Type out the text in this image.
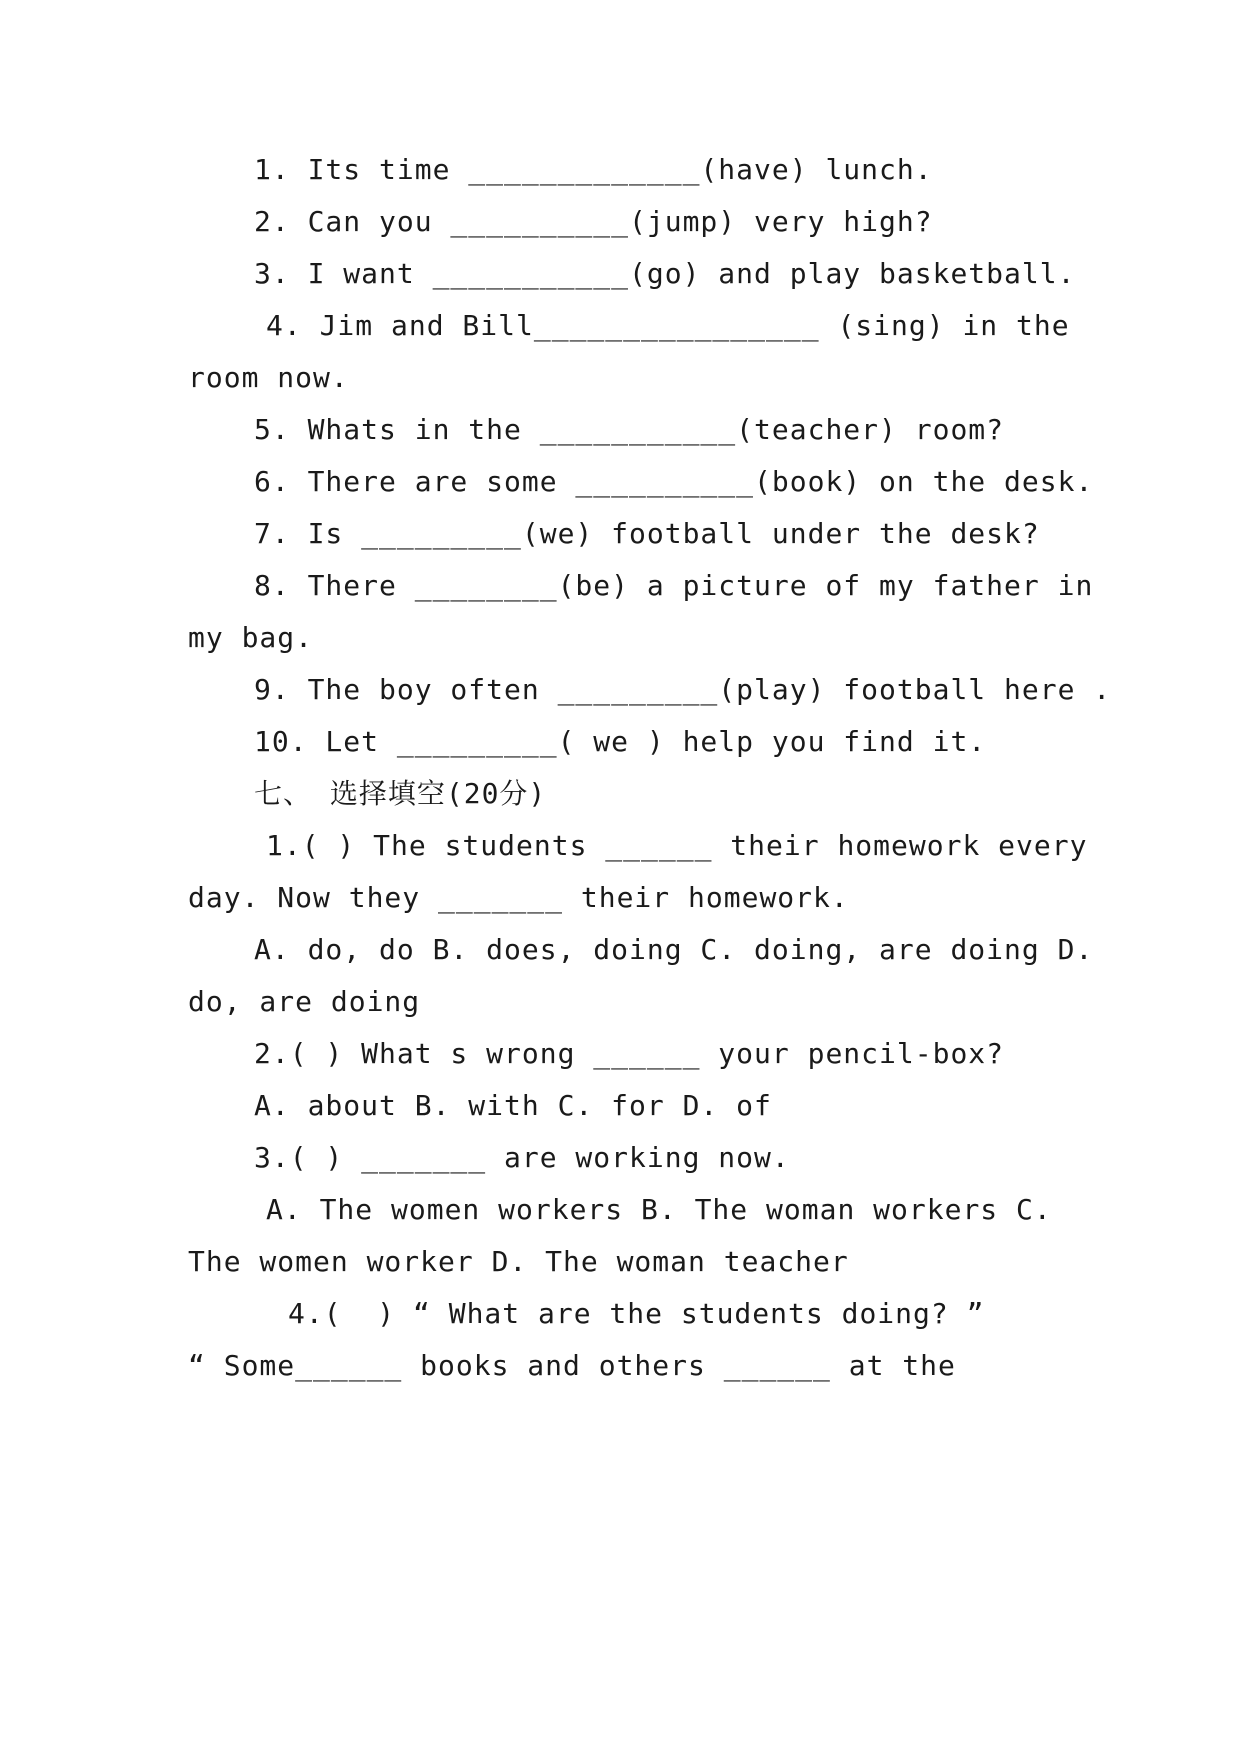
1. Its time _____________(have) lunch.
2. Can you __________(jump) very high?
3. I want ___________(go) and play basketball.
4. Jim and Bill________________ (sing) in the
room now.
5. Whats in the ___________(teacher) room?
6. There are some __________(book) on the desk.
7. Is _________(we) football under the desk?
8. There ________(be) a picture of my father in
my bag.
9. The boy often _________(play) football here .
10. Let _________( we ) help you find it.
七、 选择填空(20分)
1.( ) The students ______ their homework every
day. Now they _______ their homework.
A. do, do B. does, doing C. doing, are doing D.
do, are doing
2.( ) What s wrong ______ your pencil-box?
A. about B. with C. for D. of
3.( ) _______ are working now.
A. The women workers B. The woman workers C.
The women worker D. The woman teacher
4.(  ) “ What are the students doing? ”
“ Some______ books and others ______ at the
